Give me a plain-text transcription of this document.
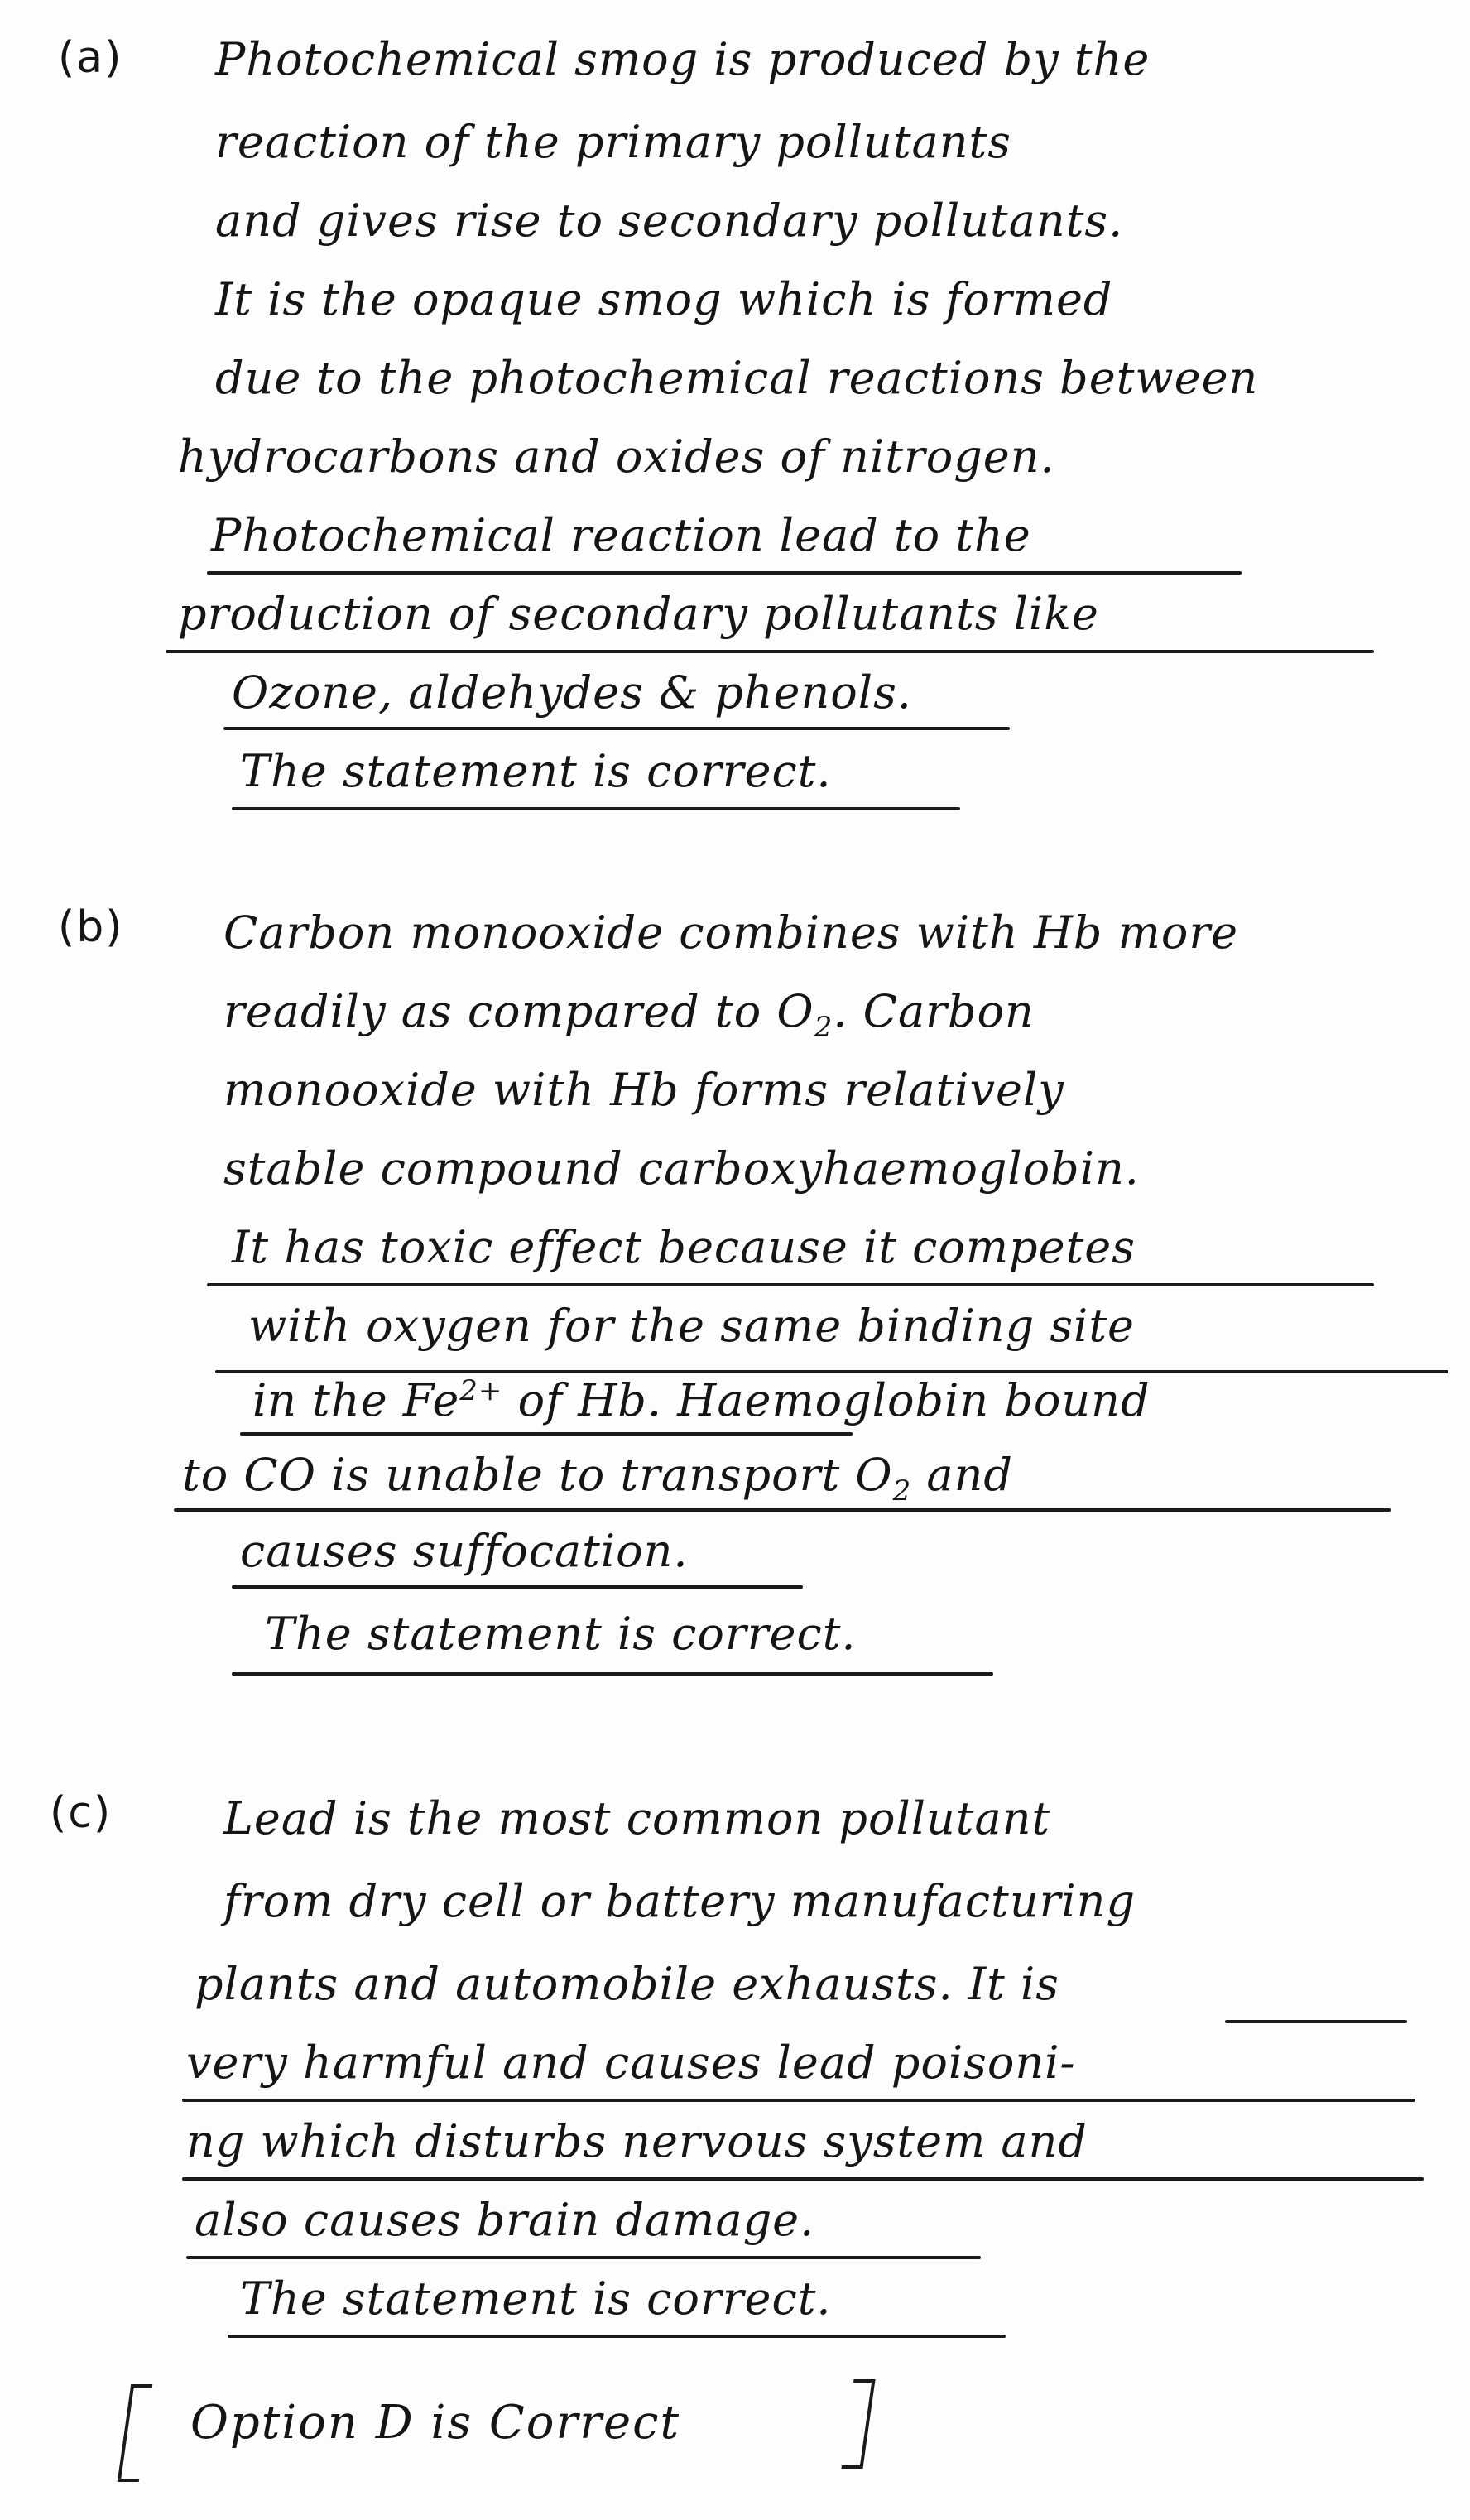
(a) Photochemical smog is produced by the
reaction of the primary pollutants
and gives rise to secondary pollutants.
It is the opaque smog which is formed
due to the photochemical reactions between
hydrocarbons and oxides of nitrogen.
Photochemical reaction lead to the
production of secondary pollutants like
Ozone, aldehydes & phenols.
The statement is correct.
(b) Carbon monooxide combines with Hb more
readily as compared to $O_2$. Carbon
monooxide with Hb forms relatively
stable compound carboxyhaemoglobin.
It has toxic effect because it competes
with oxygen for the same binding site
in the $Fe^{2+}$ of Hb. Haemoglobin bound
to CO is unable to transport $O_2$ and
causes suffocation.
The statement is correct.
(c) Lead is the most common pollutant
from dry cell or battery manufacturing
plants and automobile exhausts. It is
very harmful and causes lead poisoni-
ng which disturbs nervous system and
also causes brain damage.
The statement is correct.
Option D is Correct
